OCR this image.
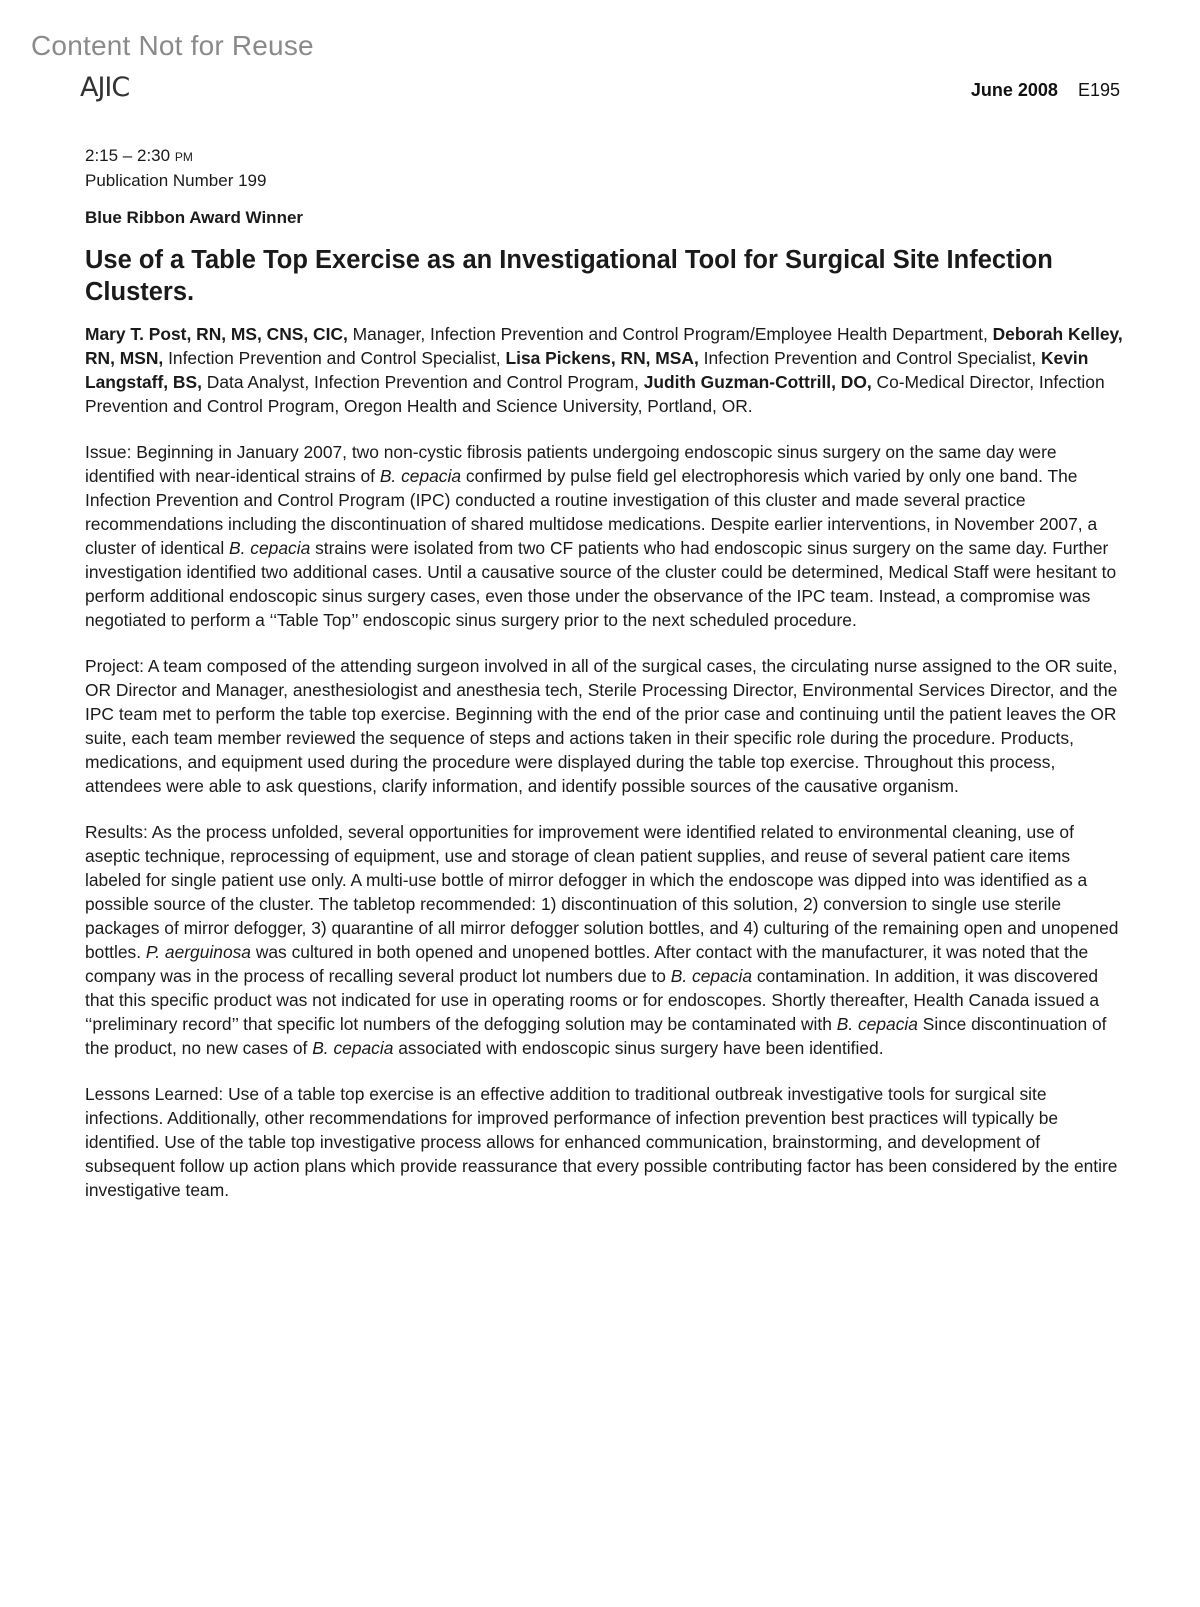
Content Not for Reuse
AJIC	June 2008 E195
2:15 – 2:30 PM
Publication Number 199
Blue Ribbon Award Winner
Use of a Table Top Exercise as an Investigational Tool for Surgical Site Infection Clusters.

Mary T. Post, RN, MS, CNS, CIC, Manager, Infection Prevention and Control Program/Employee Health Department, Deborah Kelley, RN, MSN, Infection Prevention and Control Specialist, Lisa Pickens, RN, MSA, Infection Prevention and Control Specialist, Kevin Langstaff, BS, Data Analyst, Infection Prevention and Control Program, Judith Guzman-Cottrill, DO, Co-Medical Director, Infection Prevention and Control Program, Oregon Health and Science University, Portland, OR.

Issue: Beginning in January 2007, two non-cystic fibrosis patients undergoing endoscopic sinus surgery on the same day were identified with near-identical strains of B. cepacia confirmed by pulse field gel electrophoresis which varied by only one band. The Infection Prevention and Control Program (IPC) conducted a routine investigation of this cluster and made several practice recommendations including the discontinuation of shared multidose medications. Despite earlier interventions, in November 2007, a cluster of identical B. cepacia strains were isolated from two CF patients who had endoscopic sinus surgery on the same day. Further investigation identified two additional cases. Until a causative source of the cluster could be determined, Medical Staff were hesitant to perform additional endoscopic sinus surgery cases, even those under the observance of the IPC team. Instead, a compromise was negotiated to perform a ‘‘Table Top’’ endoscopic sinus surgery prior to the next scheduled procedure.

Project: A team composed of the attending surgeon involved in all of the surgical cases, the circulating nurse assigned to the OR suite, OR Director and Manager, anesthesiologist and anesthesia tech, Sterile Processing Director, Environmental Services Director, and the IPC team met to perform the table top exercise. Beginning with the end of the prior case and continuing until the patient leaves the OR suite, each team member reviewed the sequence of steps and actions taken in their specific role during the procedure. Products, medications, and equipment used during the procedure were displayed during the table top exercise. Throughout this process, attendees were able to ask questions, clarify information, and identify possible sources of the causative organism.

Results: As the process unfolded, several opportunities for improvement were identified related to environmental cleaning, use of aseptic technique, reprocessing of equipment, use and storage of clean patient supplies, and reuse of several patient care items labeled for single patient use only. A multi-use bottle of mirror defogger in which the endoscope was dipped into was identified as a possible source of the cluster. The tabletop recommended: 1) discontinuation of this solution, 2) conversion to single use sterile packages of mirror defogger, 3) quarantine of all mirror defogger solution bottles, and 4) culturing of the remaining open and unopened bottles. P. aerguinosa was cultured in both opened and unopened bottles. After contact with the manufacturer, it was noted that the company was in the process of recalling several product lot numbers due to B. cepacia contamination. In addition, it was discovered that this specific product was not indicated for use in operating rooms or for endoscopes. Shortly thereafter, Health Canada issued a ‘‘preliminary record’’ that specific lot numbers of the defogging solution may be contaminated with B. cepacia Since discontinuation of the product, no new cases of B. cepacia associated with endoscopic sinus surgery have been identified.

Lessons Learned: Use of a table top exercise is an effective addition to traditional outbreak investigative tools for surgical site infections. Additionally, other recommendations for improved performance of infection prevention best practices will typically be identified. Use of the table top investigative process allows for enhanced communication, brainstorming, and development of subsequent follow up action plans which provide reassurance that every possible contributing factor has been considered by the entire investigative team.
